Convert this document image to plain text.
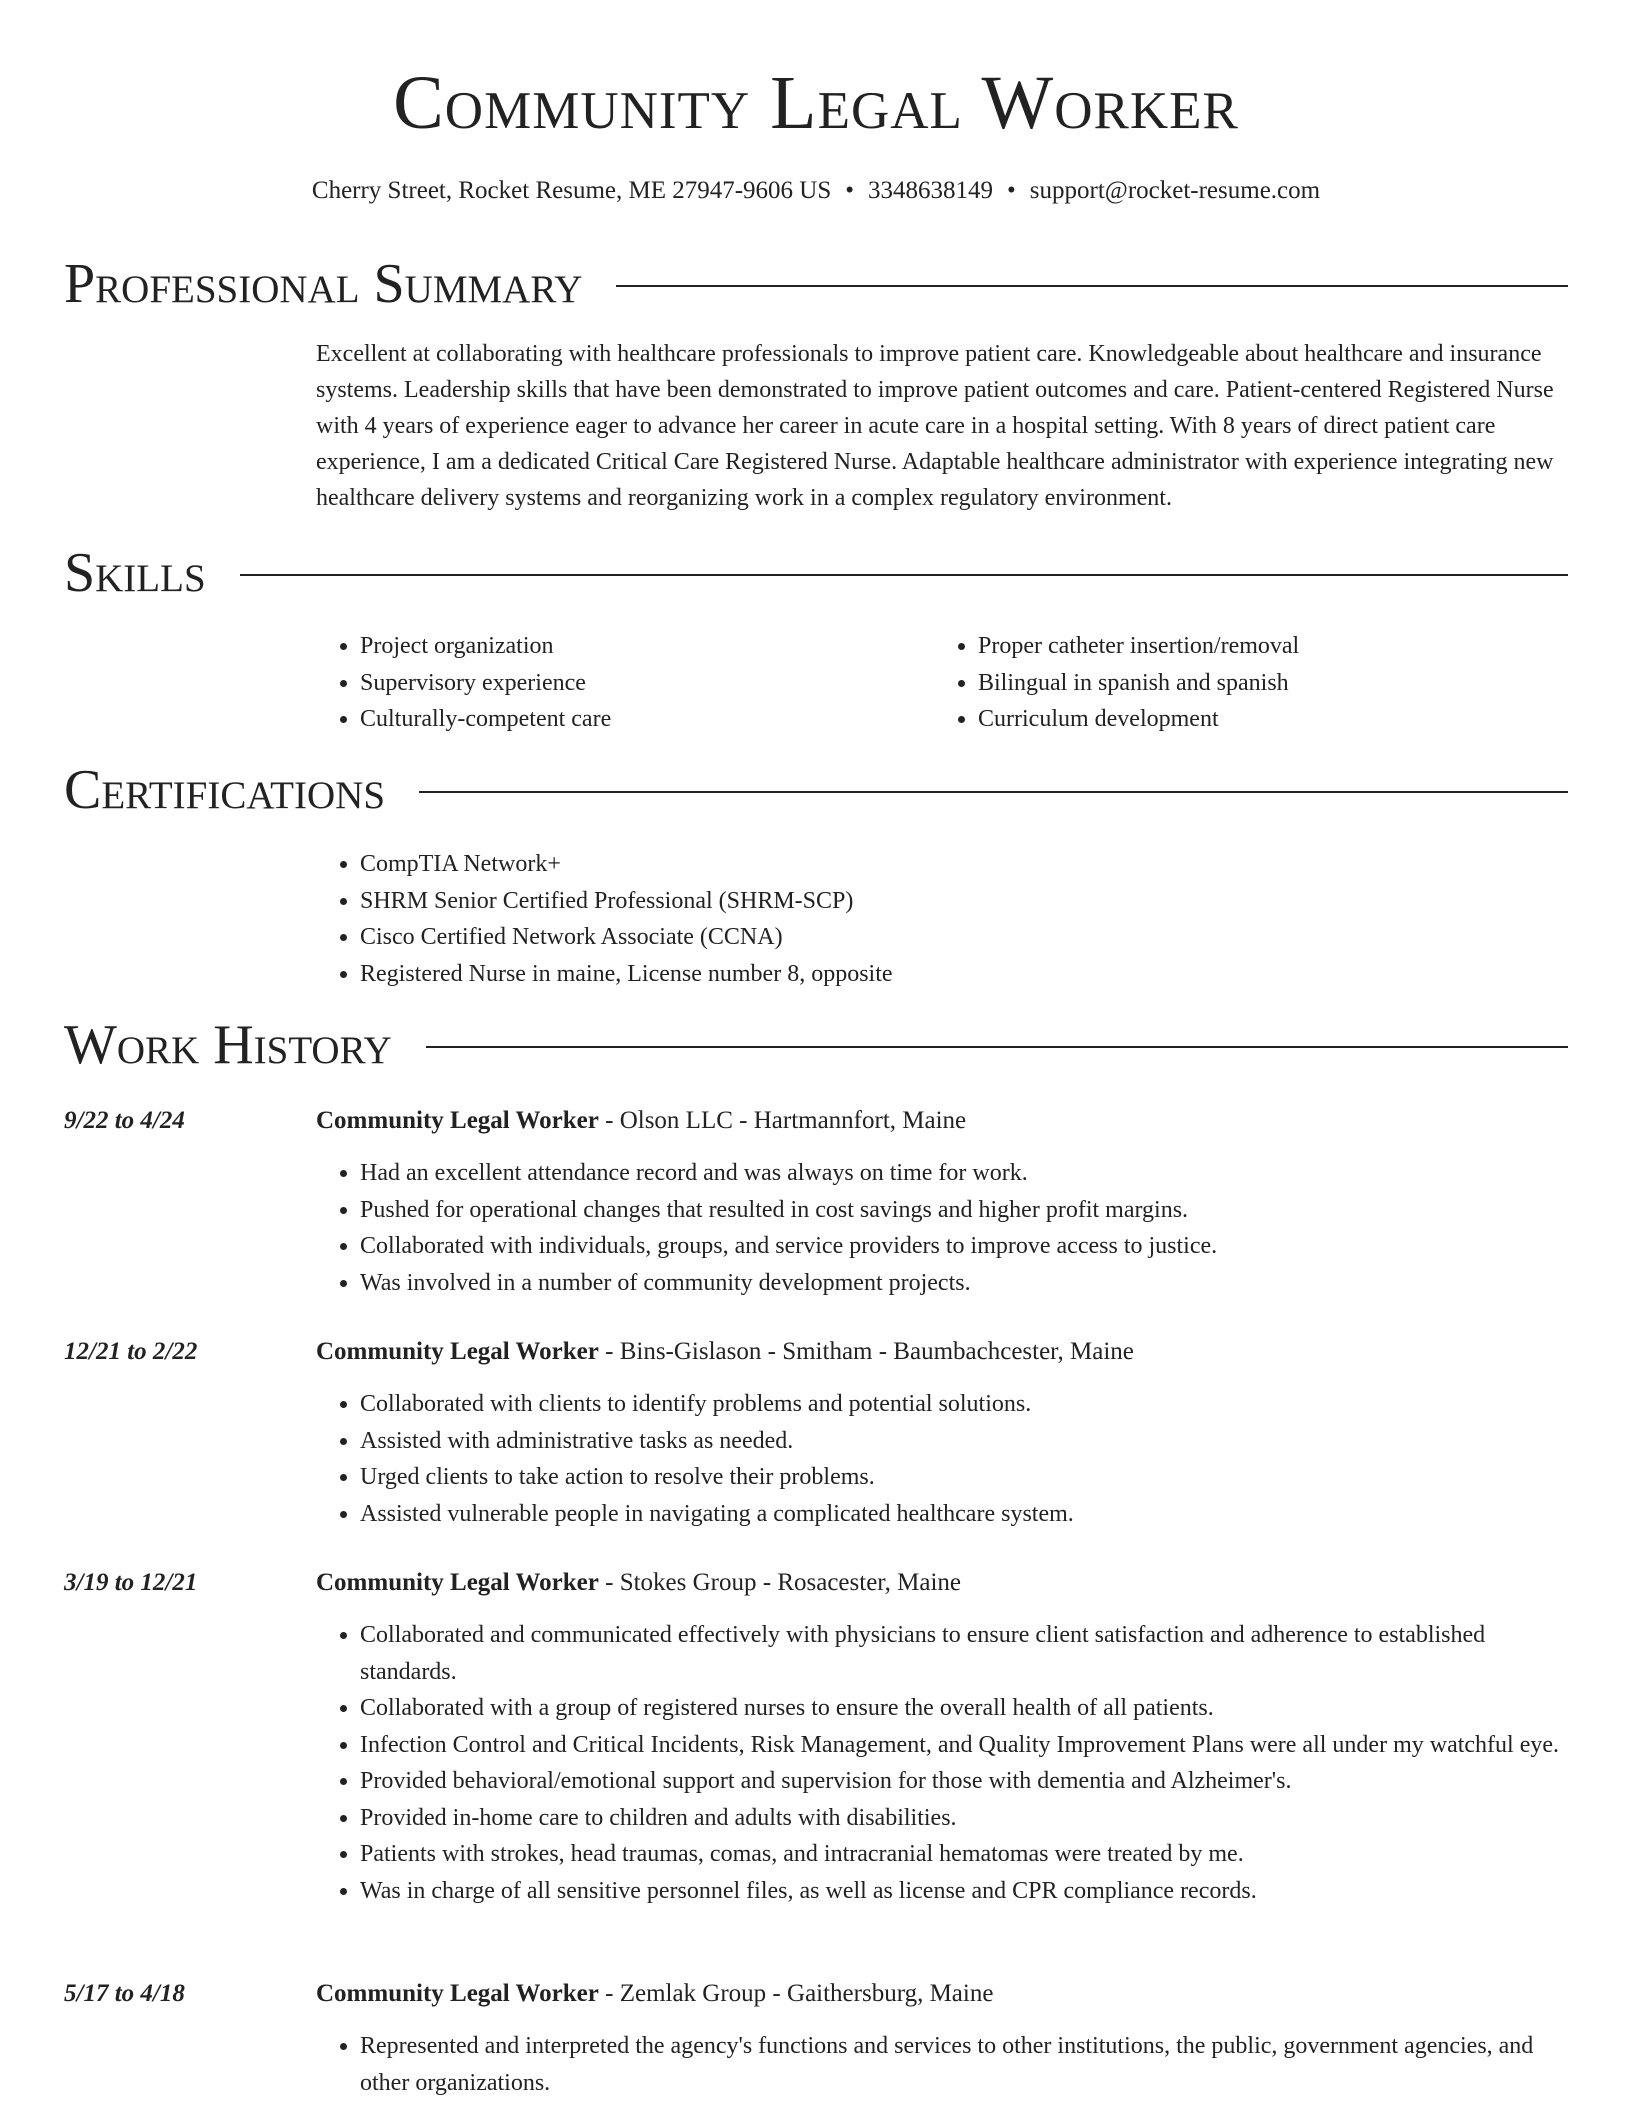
Community Legal Worker
Cherry Street, Rocket Resume, ME 27947-9606 US • 3348638149 • support@rocket-resume.com
Professional Summary

Excellent at collaborating with healthcare professionals to improve patient care. Knowledgeable about healthcare and insurance systems. Leadership skills that have been demonstrated to improve patient outcomes and care. Patient-centered Registered Nurse with 4 years of experience eager to advance her career in acute care in a hospital setting. With 8 years of direct patient care experience, I am a dedicated Critical Care Registered Nurse. Adaptable healthcare administrator with experience integrating new healthcare delivery systems and reorganizing work in a complex regulatory environment.

Skills
• Project organization
• Supervisory experience
• Culturally-competent care
• Proper catheter insertion/removal
• Bilingual in spanish and spanish
• Curriculum development
Certifications
• CompTIA Network+
• SHRM Senior Certified Professional (SHRM-SCP)
• Cisco Certified Network Associate (CCNA)
• Registered Nurse in maine, License number 8, opposite
Work History
9/22 to 4/24	Community Legal Worker - Olson LLC - Hartmannfort, Maine
• Had an excellent attendance record and was always on time for work.
• Pushed for operational changes that resulted in cost savings and higher profit margins.
• Collaborated with individuals, groups, and service providers to improve access to justice.
• Was involved in a number of community development projects.
12/21 to 2/22	Community Legal Worker - Bins-Gislason - Smitham - Baumbachcester, Maine
• Collaborated with clients to identify problems and potential solutions.
• Assisted with administrative tasks as needed.
• Urged clients to take action to resolve their problems.
• Assisted vulnerable people in navigating a complicated healthcare system.
3/19 to 12/21	Community Legal Worker - Stokes Group - Rosacester, Maine
• Collaborated and communicated effectively with physicians to ensure client satisfaction and adherence to established standards.
• Collaborated with a group of registered nurses to ensure the overall health of all patients.
• Infection Control and Critical Incidents, Risk Management, and Quality Improvement Plans were all under my watchful eye.
• Provided behavioral/emotional support and supervision for those with dementia and Alzheimer's.
• Provided in-home care to children and adults with disabilities.
• Patients with strokes, head traumas, comas, and intracranial hematomas were treated by me.
• Was in charge of all sensitive personnel files, as well as license and CPR compliance records.
5/17 to 4/18	Community Legal Worker - Zemlak Group - Gaithersburg, Maine
• Represented and interpreted the agency's functions and services to other institutions, the public, government agencies, and other organizations.
